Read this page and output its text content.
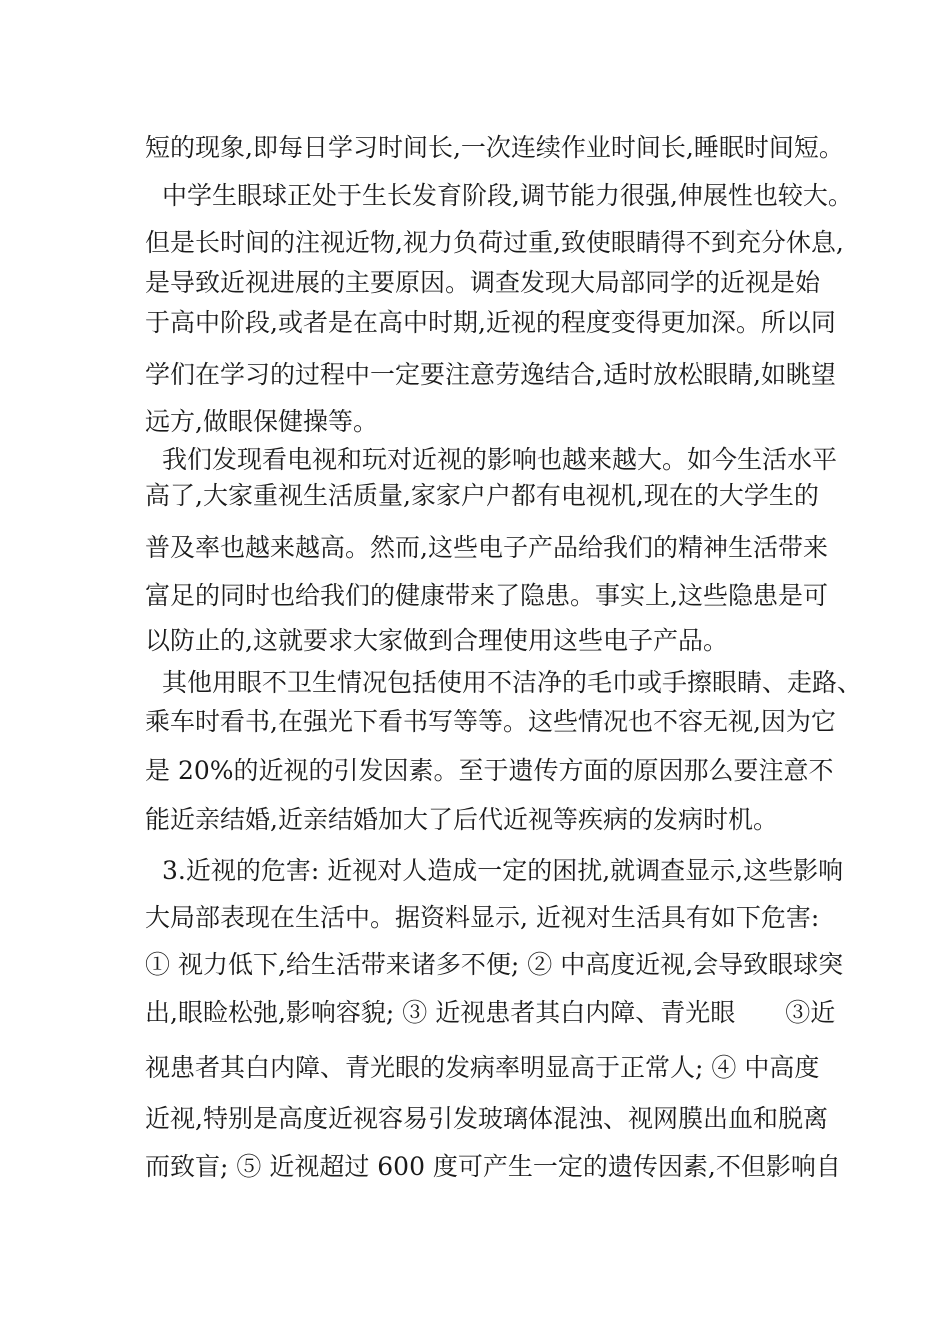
短的现象,即每日学习时间长,一次连续作业时间长,睡眠时间短。
中学生眼球正处于生长发育阶段,调节能力很强,伸展性也较大。
但是长时间的注视近物,视力负荷过重,致使眼睛得不到充分休息,
是导致近视进展的主要原因。调查发现大局部同学的近视是始
于高中阶段,或者是在高中时期,近视的程度变得更加深。所以同
学们在学习的过程中一定要注意劳逸结合,适时放松眼睛,如眺望
远方,做眼保健操等。
我们发现看电视和玩对近视的影响也越来越大。如今生活水平
高了,大家重视生活质量,家家户户都有电视机,现在的大学生的
普及率也越来越高。然而,这些电子产品给我们的精神生活带来
富足的同时也给我们的健康带来了隐患。事实上,这些隐患是可
以防止的,这就要求大家做到合理使用这些电子产品。
其他用眼不卫生情况包括使用不洁净的毛巾或手擦眼睛、走路、
乘车时看书,在强光下看书写等等。这些情况也不容无视,因为它
是 20%的近视的引发因素。至于遗传方面的原因那么要注意不
能近亲结婚,近亲结婚加大了后代近视等疾病的发病时机。
3.近视的危害: 近视对人造成一定的困扰,就调查显示,这些影响
大局部表现在生活中。据资料显示, 近视对生活具有如下危害:
① 视力低下,给生活带来诸多不便; ② 中高度近视,会导致眼球突
出,眼睑松弛,影响容貌; ③ 近视患者其白内障、青光眼　　③近
视患者其白内障、青光眼的发病率明显高于正常人; ④ 中高度
近视,特别是高度近视容易引发玻璃体混浊、视网膜出血和脱离
而致盲; ⑤ 近视超过 600 度可产生一定的遗传因素,不但影响自
